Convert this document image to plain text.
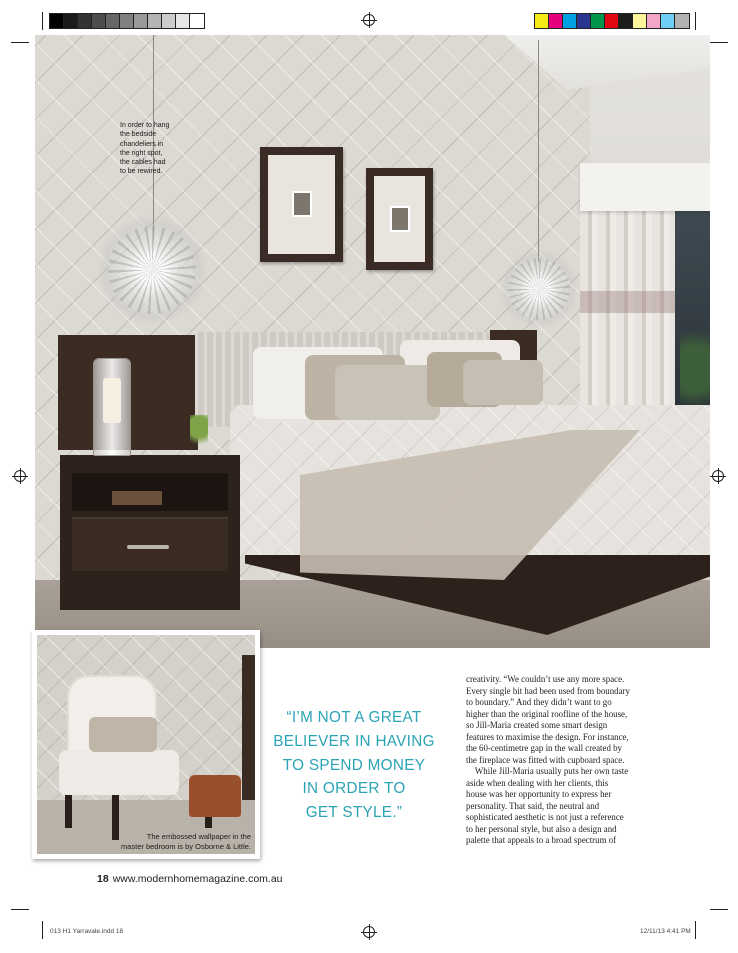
In order to hang
the bedside
chandeliers in
the right spot,
the cables had
to be rewired.
The embossed wallpaper in the
master bedroom is by Osborne & Little.
“I’M NOT A GREAT
BELIEVER IN HAVING
TO SPEND MONEY
IN ORDER TO
GET STYLE.”
creativity. “We couldn’t use any more space.
Every single bit had been used from boundary
to boundary.” And they didn’t want to go
higher than the original roofline of the house,
so Jill-Maria created some smart design
features to maximise the design. For instance,
the 60-centimetre gap in the wall created by
the fireplace was fitted with cupboard space.
 While Jill-Maria usually puts her own taste
aside when dealing with her clients, this
house was her opportunity to express her
personality. That said, the neutral and
sophisticated aesthetic is not just a reference
to her personal style, but also a design and
palette that appeals to a broad spectrum of
18 www.modernhomemagazine.com.au
013 H1 Yarravale.indd 18	12/11/13 4:41 PM
